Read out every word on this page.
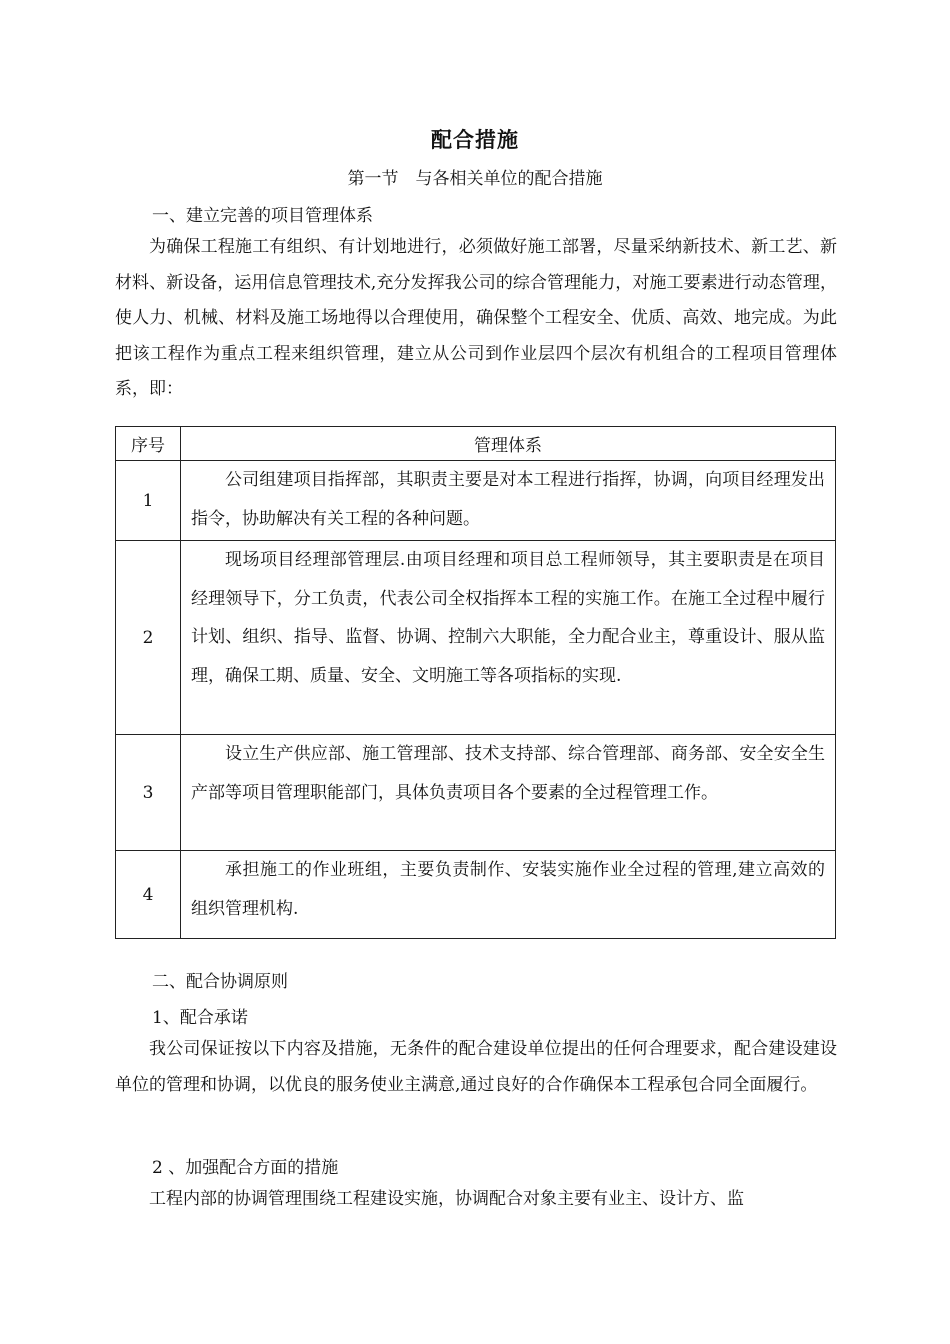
配合措施
第一节　与各相关单位的配合措施
一、建立完善的项目管理体系

为确保工程施工有组织、有计划地进行，必须做好施工部署，尽量采纳新技术、新工艺、新材料、新设备，运用信息管理技术,充分发挥我公司的综合管理能力，对施工要素进行动态管理，使人力、机械、材料及施工场地得以合理使用，确保整个工程安全、优质、高效、地完成。为此把该工程作为重点工程来组织管理，建立从公司到作业层四个层次有机组合的工程项目管理体系，即：

序号	管理体系
1	公司组建项目指挥部，其职责主要是对本工程进行指挥，协调，向项目经理发出指令，协助解决有关工程的各种问题。

2	现场项目经理部管理层.由项目经理和项目总工程师领导，其主要职责是在项目经理领导下，分工负责，代表公司全权指挥本工程的实施工作。在施工全过程中履行计划、组织、指导、监督、协调、控制六大职能，全力配合业主，尊重设计、服从监理，确保工期、质量、安全、文明施工等各项指标的实现.

3	设立生产供应部、施工管理部、技术支持部、综合管理部、商务部、安全安全生产部等项目管理职能部门，具体负责项目各个要素的全过程管理工作。

4	承担施工的作业班组，主要负责制作、安装实施作业全过程的管理,建立高效的组织管理机构.

二、配合协调原则
1、配合承诺

我公司保证按以下内容及措施，无条件的配合建设单位提出的任何合理要求，配合建设建设单位的管理和协调，以优良的服务使业主满意,通过良好的合作确保本工程承包合同全面履行。

2 、加强配合方面的措施

工程内部的协调管理围绕工程建设实施，协调配合对象主要有业主、设计方、监
